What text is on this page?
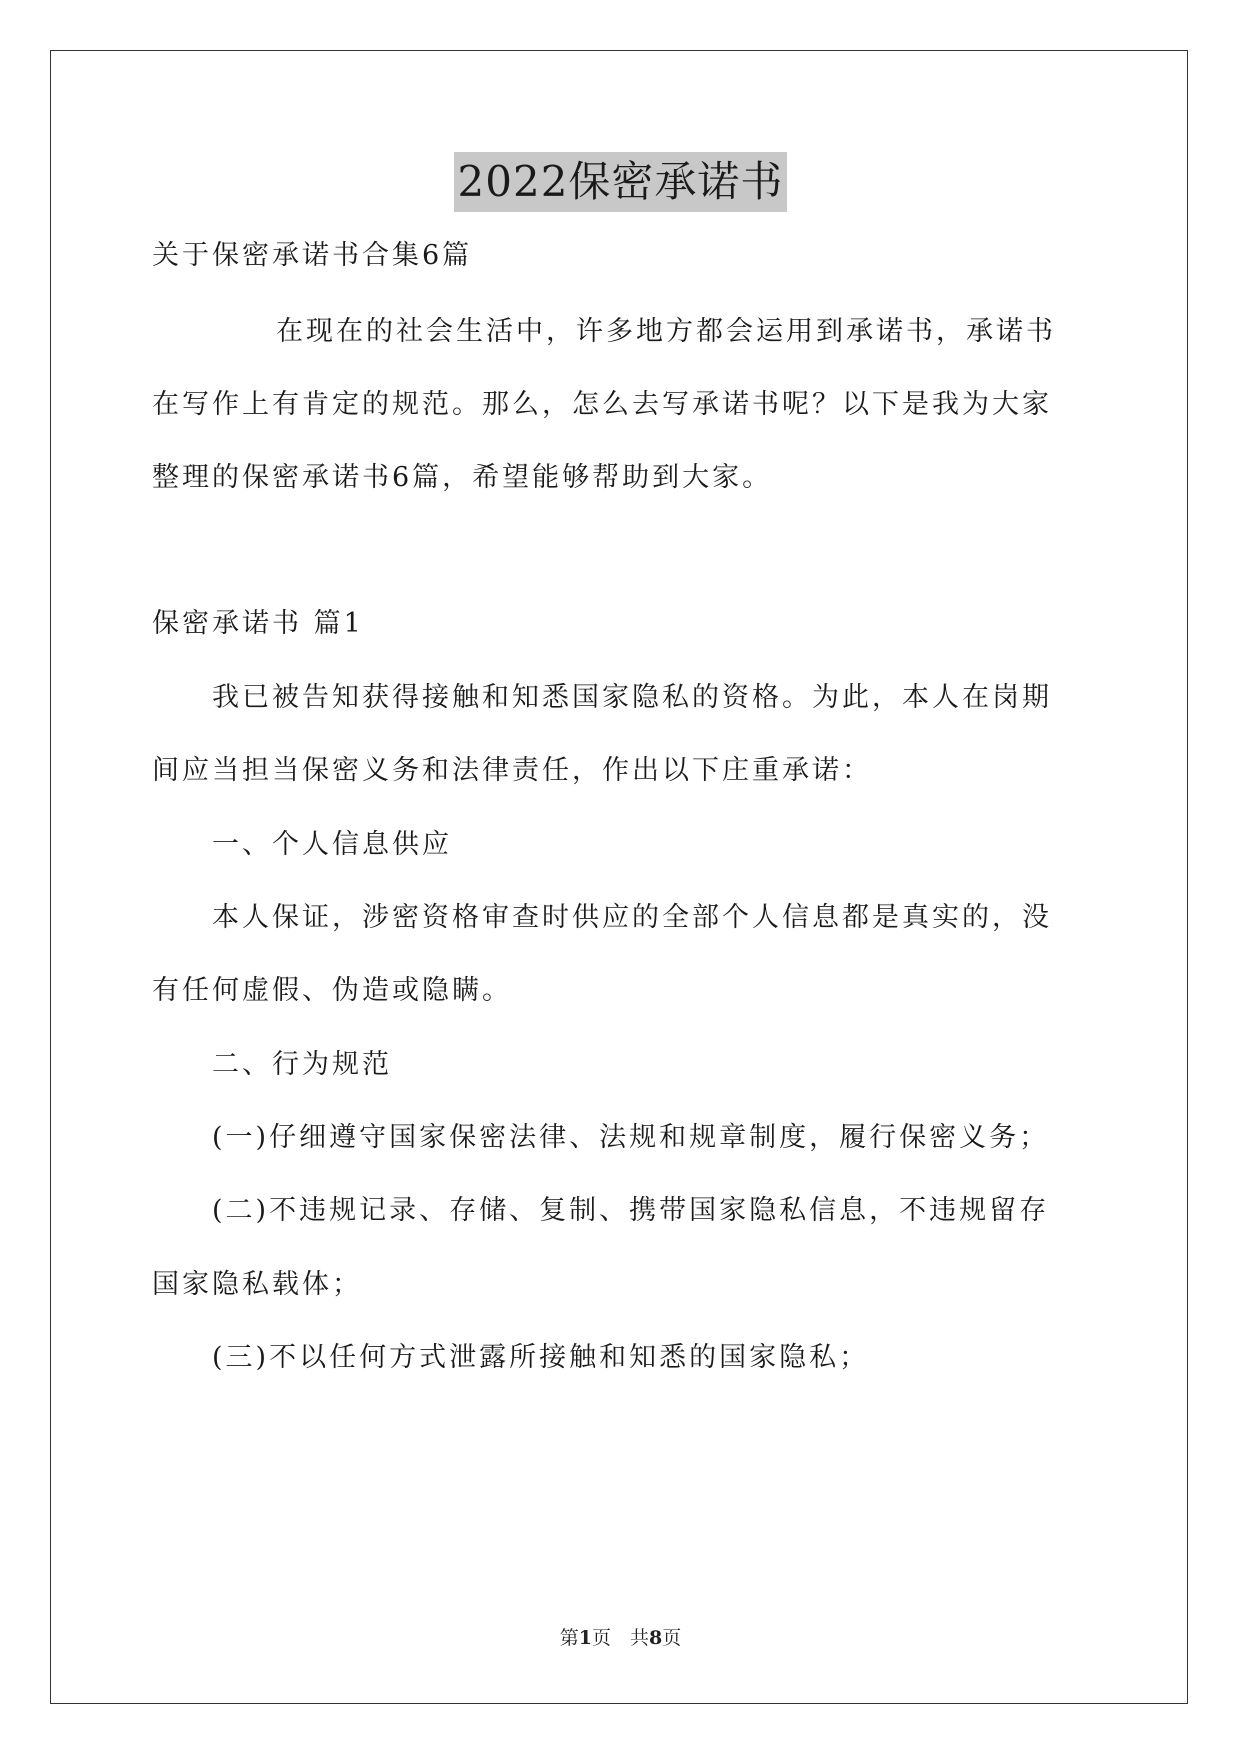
2022保密承诺书
关于保密承诺书合集6篇
在现在的社会生活中，许多地方都会运用到承诺书，承诺书
在写作上有肯定的规范。那么，怎么去写承诺书呢？以下是我为大家
整理的保密承诺书6篇，希望能够帮助到大家。
保密承诺书 篇1
我已被告知获得接触和知悉国家隐私的资格。为此，本人在岗期
间应当担当保密义务和法律责任，作出以下庄重承诺：
一、个人信息供应
本人保证，涉密资格审查时供应的全部个人信息都是真实的，没
有任何虚假、伪造或隐瞒。
二、行为规范
(一)仔细遵守国家保密法律、法规和规章制度，履行保密义务；
(二)不违规记录、存储、复制、携带国家隐私信息，不违规留存
国家隐私载体；
(三)不以任何方式泄露所接触和知悉的国家隐私；
第1页　共8页
